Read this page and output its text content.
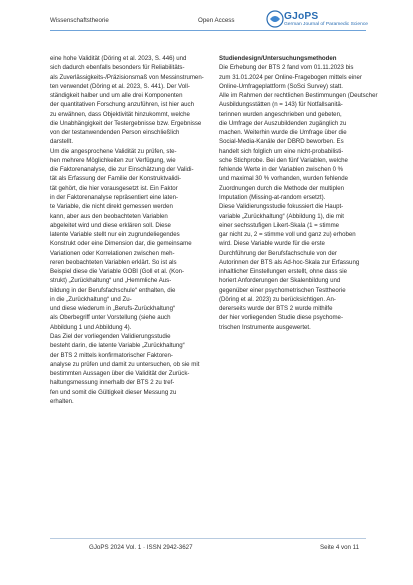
Wissenschaftstheorie	Open Access	GJoPS
German Journal of Paramedic Science
eine hohe Validität (Döring et al. 2023, S. 446) und
sich dadurch ebenfalls besonders für Reliabilitäts-
als Zuverlässigkeits-/Präzisionsmaß von Messinstrumen-
ten verwendet (Döring et al. 2023, S. 441). Der Voll-
ständigkeit halber und um alle drei Komponenten
der quantitativen Forschung anzuführen, ist hier auch
zu erwähnen, dass Objektivität hinzukommt, welche
die Unabhängigkeit der Testergebnisse bzw. Ergebnisse
von der testanwendenden Person einschließlich
darstellt.
Um die angesprochene Validität zu prüfen, ste-
hen mehrere Möglichkeiten zur Verfügung, wie
die Faktorenanalyse, die zur Einschätzung der Validi-
tät als Erfassung der Familie der Konstruktvalidi-
tät gehört, die hier vorausgesetzt ist. Ein Faktor
in der Faktorenanalyse repräsentiert eine laten-
te Variable, die nicht direkt gemessen werden
kann, aber aus den beobachteten Variablen
abgeleitet wird und diese erklären soll. Diese
latente Variable stellt nur ein zugrundeliegendes
Konstrukt oder eine Dimension dar, die gemeinsame
Variationen oder Korrelationen zwischen meh-
reren beobachteten Variablen erklärt. So ist als
Beispiel diese die Variable GOBI (Goll et al. (Kon-
strukt) „Zurückhaltung“ und „Hemmliche Aus-
bildung in der Berufsfachschule“ enthalten, die
in die „Zurückhaltung“ und Zu-
und diese wiederum in „Berufs-Zurückhaltung“
als Oberbegriff unter Vorstellung (siehe auch
Abbildung 1 und Abbildung 4).
Das Ziel der vorliegenden Validierungsstudie
besteht darin, die latente Variable „Zurückhaltung“
der BTS 2 mittels konfirmatorischer Faktoren-
analyse zu prüfen und damit zu untersuchen, ob sie mit
bestimmten Aussagen über die Validität der Zurück-
haltungsmessung innerhalb der BTS 2 zu tref-
fen und somit die Gültigkeit dieser Messung zu
erhalten.
Studiendesign/Untersuchungsmethoden
Die Erhebung der BTS 2 fand vom 01.11.2023 bis
zum 31.01.2024 per Online-Fragebogen mittels einer
Online-Umfrageplattform (SoSci Survey) statt.
Alle im Rahmen der rechtlichen Bestimmungen (Deutscher
Ausbildungsstätten (n = 143) für Notfallsanitä-
terinnen wurden angeschrieben und gebeten,
die Umfrage der Auszubildenden zugänglich zu
machen. Weiterhin wurde die Umfrage über die
Social-Media-Kanäle der DBRD beworben. Es
handelt sich folglich um eine nicht-probabilisti-
sche Stichprobe. Bei den fünf Variablen, welche
fehlende Werte in der Variablen zwischen 0 %
und maximal 30 % vorhanden, wurden fehlende
Zuordnungen durch die Methode der multiplen
Imputation (Missing-at-random ersetzt).
Diese Validierungsstudie fokussiert die Haupt-
variable „Zurückhaltung“ (Abbildung 1), die mit
einer sechsstufigen Likert-Skala (1 = stimme
gar nicht zu, 2 = stimme voll und ganz zu) erhoben
wird. Diese Variable wurde für die erste
Durchführung der Berufsfachschule von der
Autorinnen der BTS als Ad-hoc-Skala zur Erfassung
inhaltlicher Einstellungen erstellt, ohne dass sie
horiert Anforderungen der Skalenbildung und
gegenüber einer psychometrischen Testtheorie
(Döring et al. 2023) zu berücksichtigen. An-
dererseits wurde der BTS 2 wurde mithilfe
der hier vorliegenden Studie diese psychome-
trischen Instrumente ausgewertet.
GJoPS 2024 Vol. 1 · ISSN 2942-3627	Seite 4 von 11
